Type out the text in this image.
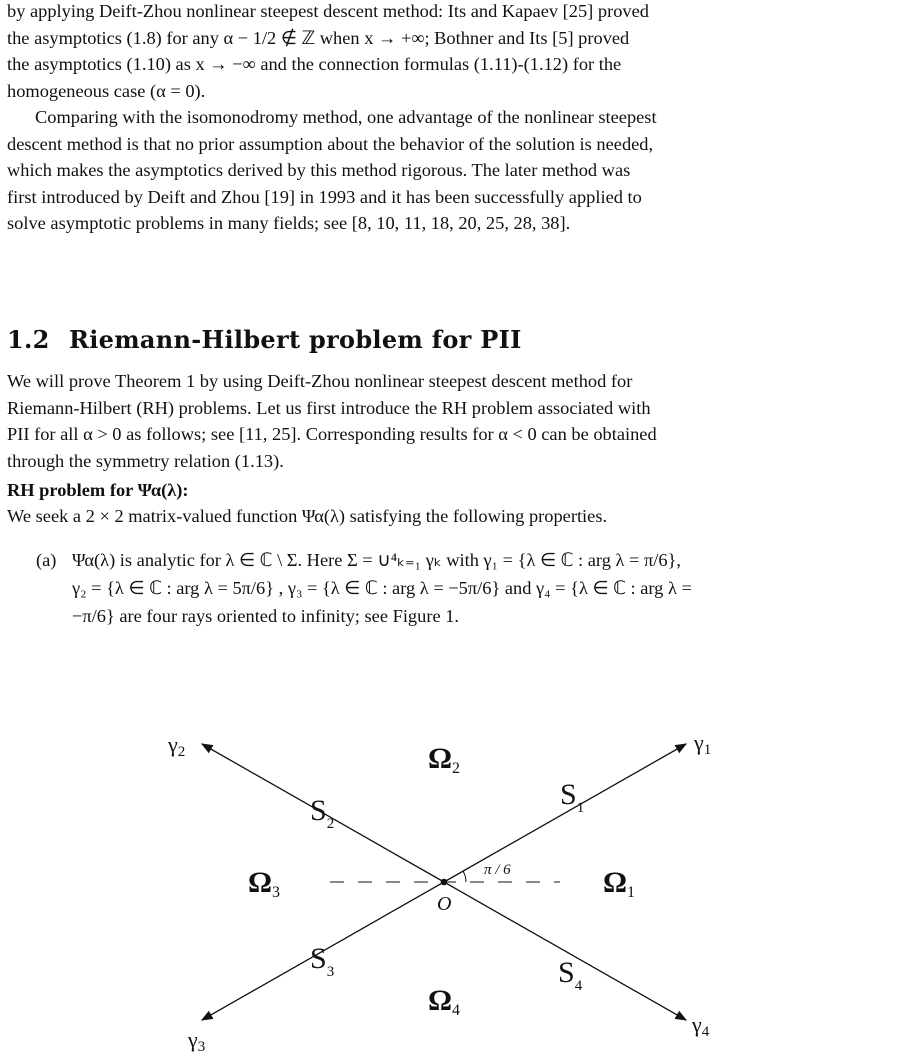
by applying Deift-Zhou nonlinear steepest descent method: Its and Kapaev [25] proved
the asymptotics (1.8) for any α − 1/2 ∉ ℤ when x → +∞; Bothner and Its [5] proved
the asymptotics (1.10) as x → −∞ and the connection formulas (1.11)-(1.12) for the
homogeneous case (α = 0).
Comparing with the isomonodromy method, one advantage of the nonlinear steepest
descent method is that no prior assumption about the behavior of the solution is needed,
which makes the asymptotics derived by this method rigorous. The later method was
first introduced by Deift and Zhou [19] in 1993 and it has been successfully applied to
solve asymptotic problems in many fields; see [8, 10, 11, 18, 20, 25, 28, 38].
1.2 Riemann-Hilbert problem for PII
We will prove Theorem 1 by using Deift-Zhou nonlinear steepest descent method for
Riemann-Hilbert (RH) problems. Let us first introduce the RH problem associated with
PII for all α > 0 as follows; see [11, 25]. Corresponding results for α < 0 can be obtained
through the symmetry relation (1.13).
RH problem for Ψα(λ):
We seek a 2 × 2 matrix-valued function Ψα(λ) satisfying the following properties.
(a) Ψα(λ) is analytic for λ ∈ ℂ \ Σ. Here Σ = ∪⁴ₖ₌₁ γₖ with γ₁ = {λ ∈ ℂ : arg λ = π/6},
γ₂ = {λ ∈ ℂ : arg λ = 5π/6} , γ₃ = {λ ∈ ℂ : arg λ = −5π/6} and γ₄ = {λ ∈ ℂ : arg λ =
−π/6} are four rays oriented to infinity; see Figure 1.
γ1
γ2
γ3
γ4
$S_1$
$S_2$
$S_3$	$S_4$
Ω1
Ω2
Ω3
Ω4
O
π / 6
